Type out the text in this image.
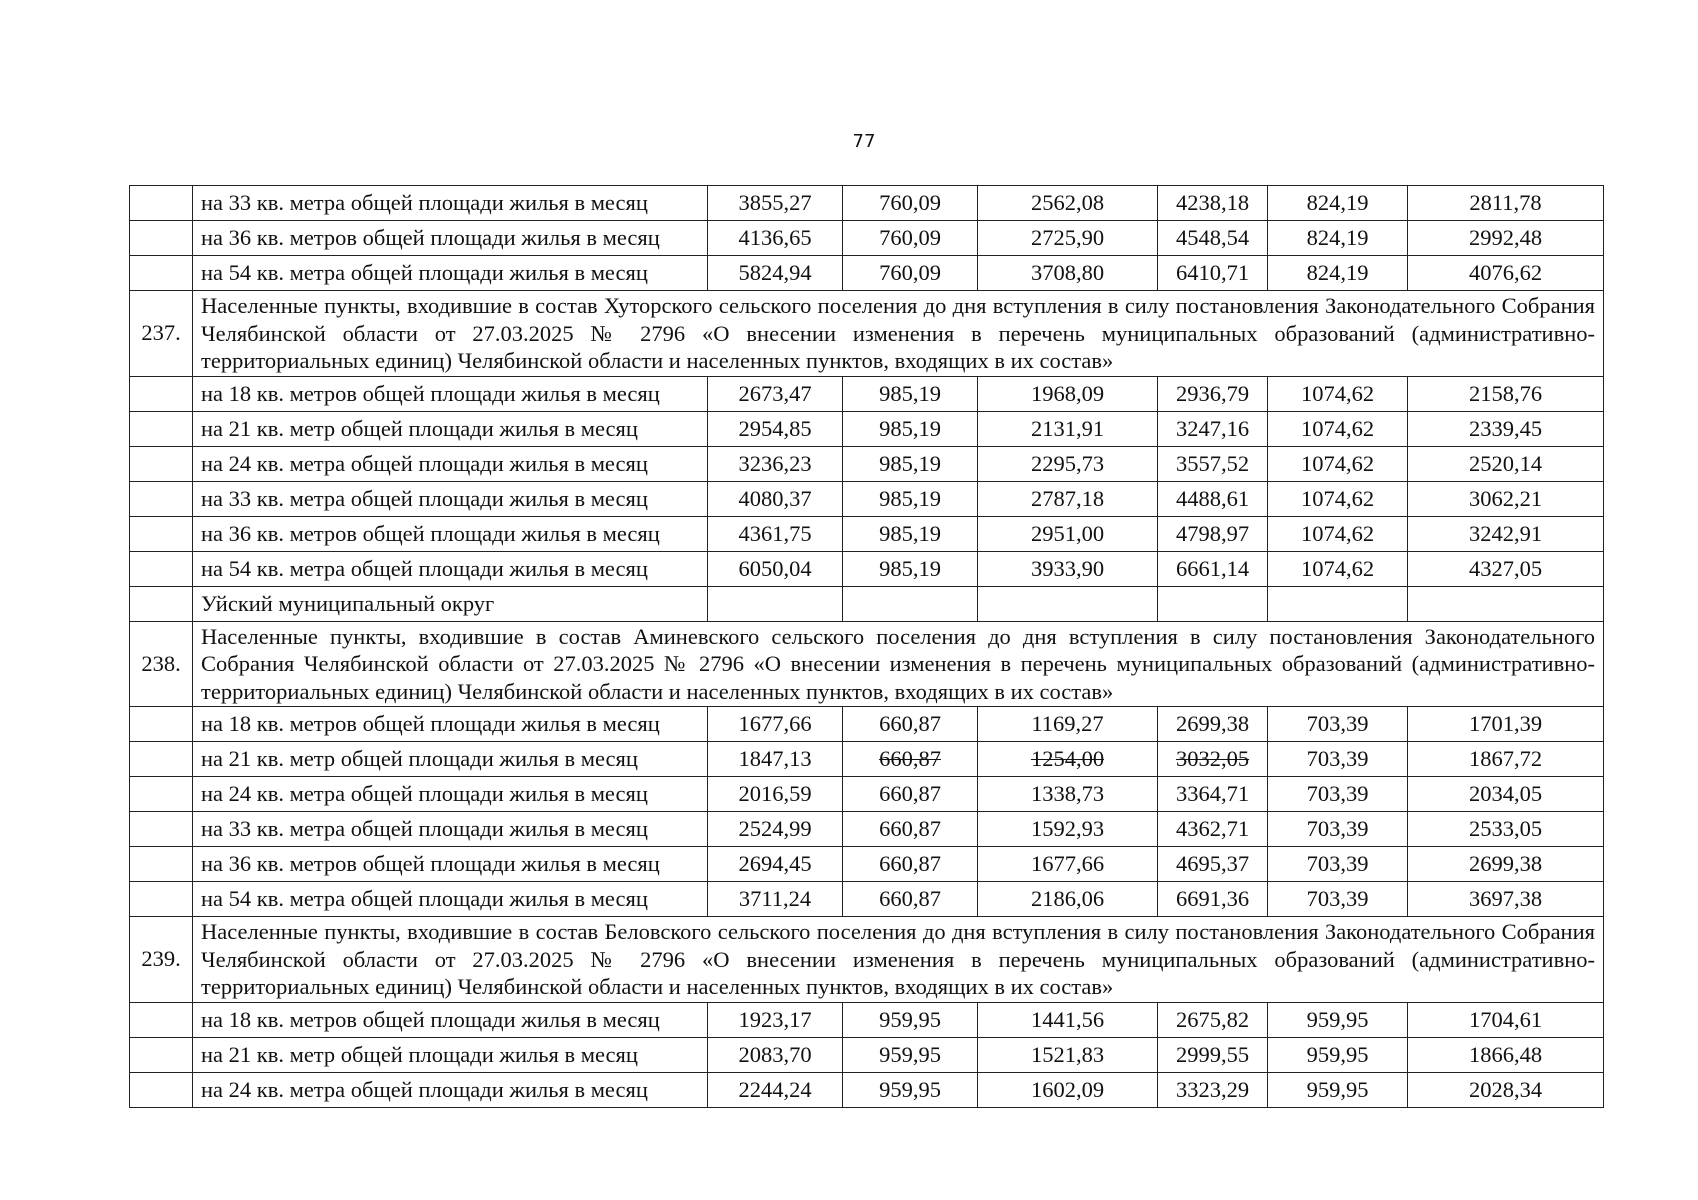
77
	на 33 кв. метра общей площади жилья в месяц	3855,27	760,09	2562,08	4238,18	824,19	2811,78
	на 36 кв. метров общей площади жилья в месяц	4136,65	760,09	2725,90	4548,54	824,19	2992,48
	на 54 кв. метра общей площади жилья в месяц	5824,94	760,09	3708,80	6410,71	824,19	4076,62
237.	Населенные пункты, входившие в состав Хуторского сельского поселения до дня вступления в силу постановления Законодательного Собрания Челябинской области от 27.03.2025 № 2796 «О внесении изменения в перечень муниципальных образований (административно-территориальных единиц) Челябинской области и населенных пунктов, входящих в их состав»						
	на 18 кв. метров общей площади жилья в месяц	2673,47	985,19	1968,09	2936,79	1074,62	2158,76
	на 21 кв. метр общей площади жилья в месяц	2954,85	985,19	2131,91	3247,16	1074,62	2339,45
	на 24 кв. метра общей площади жилья в месяц	3236,23	985,19	2295,73	3557,52	1074,62	2520,14
	на 33 кв. метра общей площади жилья в месяц	4080,37	985,19	2787,18	4488,61	1074,62	3062,21
	на 36 кв. метров общей площади жилья в месяц	4361,75	985,19	2951,00	4798,97	1074,62	3242,91
	на 54 кв. метра общей площади жилья в месяц	6050,04	985,19	3933,90	6661,14	1074,62	4327,05
	Уйский муниципальный округ						
238.	Населенные пункты, входившие в состав Аминевского сельского поселения до дня вступления в силу постановления Законодательного Собрания Челябинской области от 27.03.2025 № 2796 «О внесении изменения в перечень муниципальных образований (административно-территориальных единиц) Челябинской области и населенных пунктов, входящих в их состав»						
	на 18 кв. метров общей площади жилья в месяц	1677,66	660,87	1169,27	2699,38	703,39	1701,39
	на 21 кв. метр общей площади жилья в месяц	1847,13	660,87	1254,00	3032,05	703,39	1867,72
	на 24 кв. метра общей площади жилья в месяц	2016,59	660,87	1338,73	3364,71	703,39	2034,05
	на 33 кв. метра общей площади жилья в месяц	2524,99	660,87	1592,93	4362,71	703,39	2533,05
	на 36 кв. метров общей площади жилья в месяц	2694,45	660,87	1677,66	4695,37	703,39	2699,38
	на 54 кв. метра общей площади жилья в месяц	3711,24	660,87	2186,06	6691,36	703,39	3697,38
239.	Населенные пункты, входившие в состав Беловского сельского поселения до дня вступления в силу постановления Законодательного Собрания Челябинской области от 27.03.2025 № 2796 «О внесении изменения в перечень муниципальных образований (административно-территориальных единиц) Челябинской области и населенных пунктов, входящих в их состав»						
	на 18 кв. метров общей площади жилья в месяц	1923,17	959,95	1441,56	2675,82	959,95	1704,61
	на 21 кв. метр общей площади жилья в месяц	2083,70	959,95	1521,83	2999,55	959,95	1866,48
	на 24 кв. метра общей площади жилья в месяц	2244,24	959,95	1602,09	3323,29	959,95	2028,34
